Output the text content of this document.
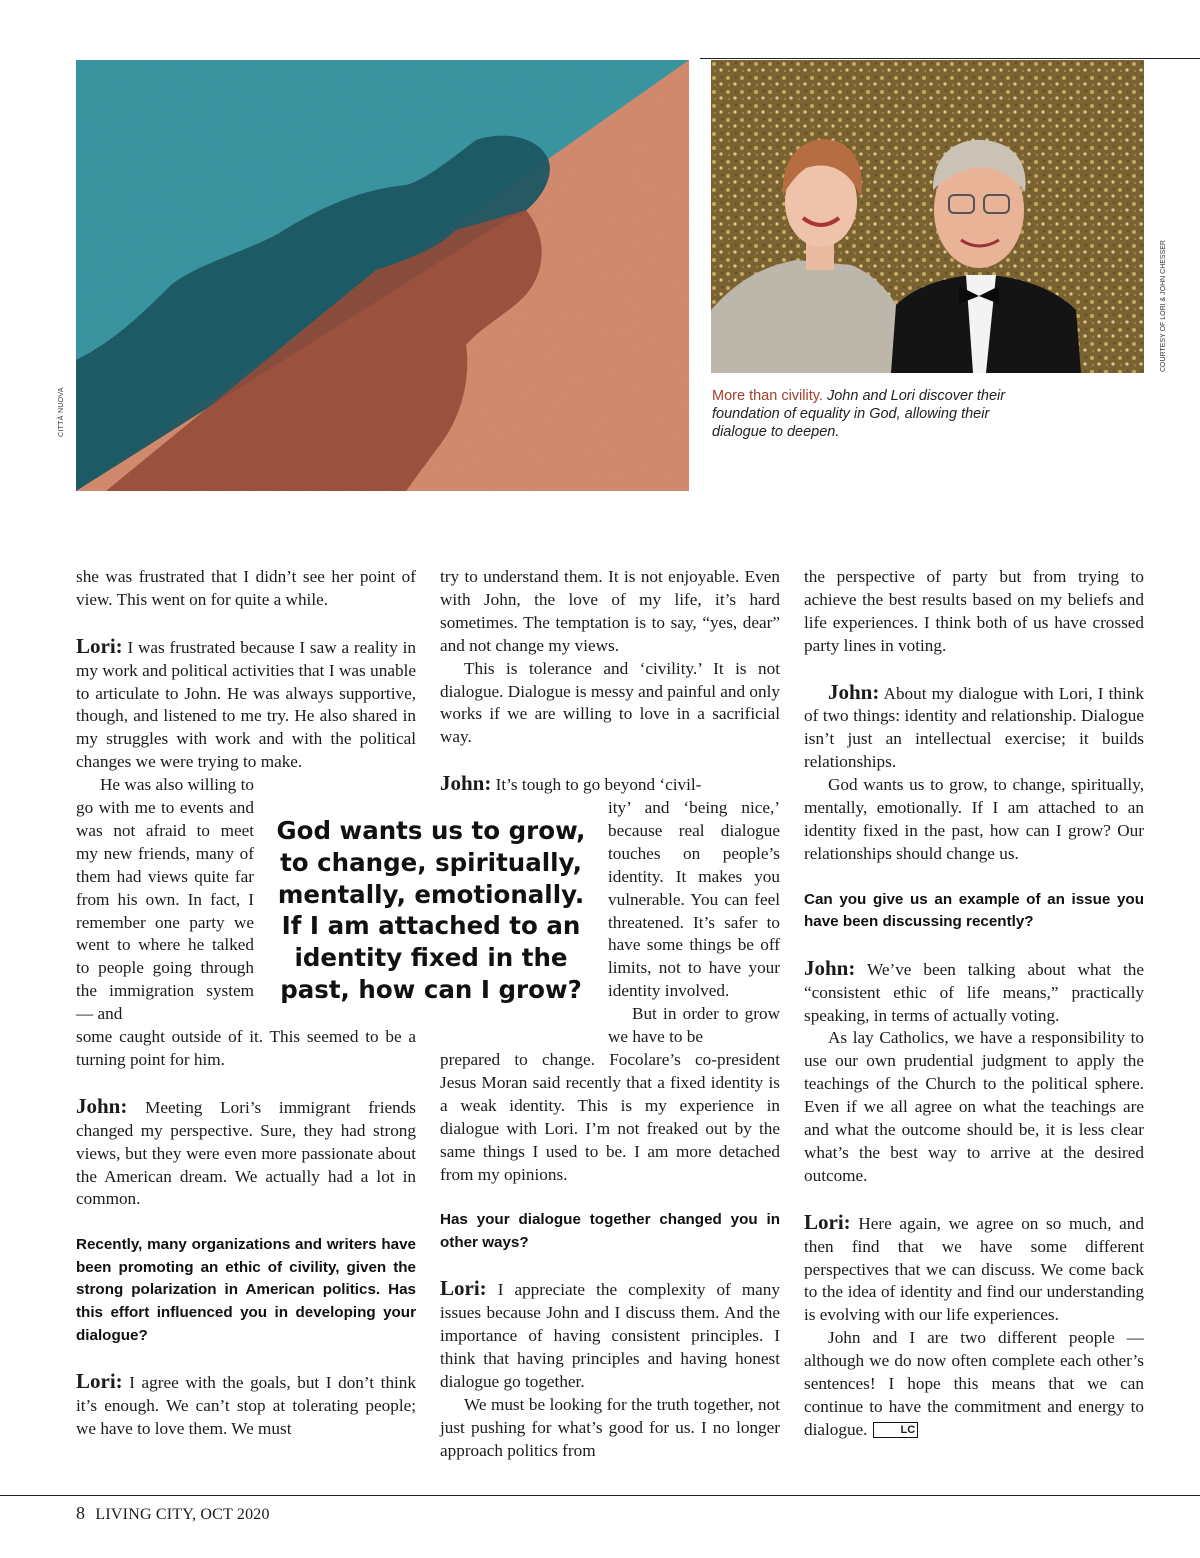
CITTÀ NUOVA
COURTESY OF LORI & JOHN CHESSER
More than civility. John and Lori discover their foundation of equality in God, allowing their dialogue to deepen.

she was frustrated that I didn’t see her point of view. This went on for quite a while.

Lori: I was frustrated because I saw a reality in my work and political activities that I was unable to articulate to John. He was always supportive, though, and listened to me try. He also shared in my struggles with work and with the political changes we were trying to make.

He was also willing to go with me to events and was not afraid to meet my new friends, many of them had views quite far from his own. In fact, I remember one party we went to where he talked to people going through the immigration system — and

some caught outside of it. This seemed to be a turning point for him.

John: Meeting Lori’s immigrant friends changed my perspective. Sure, they had strong views, but they were even more passionate about the American dream. We actually had a lot in common.

Recently, many organizations and writers have been promoting an ethic of civility, given the strong polarization in American politics. Has this effort influenced you in developing your dialogue?

Lori: I agree with the goals, but I don’t think it’s enough. We can’t stop at tolerating people; we have to love them. We must

try to understand them. It is not enjoyable. Even with John, the love of my life, it’s hard sometimes. The temptation is to say, “yes, dear” and not change my views.

This is tolerance and ‘civility.’ It is not dialogue. Dialogue is messy and painful and only works if we are willing to love in a sacrificial way.

John: It’s tough to go beyond ‘civil-

ity’ and ‘being nice,’ because real dialogue touches on people’s identity. It makes you vulnerable. You can feel threatened. It’s safer to have some things be off limits, not to have your identity involved.

But in order to grow we have to be

prepared to change. Focolare’s co-president Jesus Moran said recently that a fixed identity is a weak identity. This is my experience in dialogue with Lori. I’m not freaked out by the same things I used to be. I am more detached from my opinions.

Has your dialogue together changed you in other ways?

Lori: I appreciate the complexity of many issues because John and I discuss them. And the importance of having consistent principles. I think that having principles and having honest dialogue go together.

We must be looking for the truth together, not just pushing for what’s good for us. I no longer approach politics from

God wants us to grow, to change, spiritually, mentally, emotionally. If I am attached to an identity fixed in the past, how can I grow?

the perspective of party but from trying to achieve the best results based on my beliefs and life experiences. I think both of us have crossed party lines in voting.

John: About my dialogue with Lori, I think of two things: identity and relationship. Dialogue isn’t just an intellectual exercise; it builds relationships.

God wants us to grow, to change, spiritually, mentally, emotionally. If I am attached to an identity fixed in the past, how can I grow? Our relationships should change us.

Can you give us an example of an issue you have been discussing recently?

John: We’ve been talking about what the “consistent ethic of life means,” practically speaking, in terms of actually voting.

As lay Catholics, we have a responsibility to use our own prudential judgment to apply the teachings of the Church to the political sphere. Even if we all agree on what the teachings are and what the outcome should be, it is less clear what’s the best way to arrive at the desired outcome.

Lori: Here again, we agree on so much, and then find that we have some different perspectives that we can discuss. We come back to the idea of identity and find our understanding is evolving with our life experiences.

John and I are two different people — although we do now often complete each other’s sentences! I hope this means that we can continue to have the commitment and energy to dialogue.	LC

8 LIVING CITY, OCT 2020
